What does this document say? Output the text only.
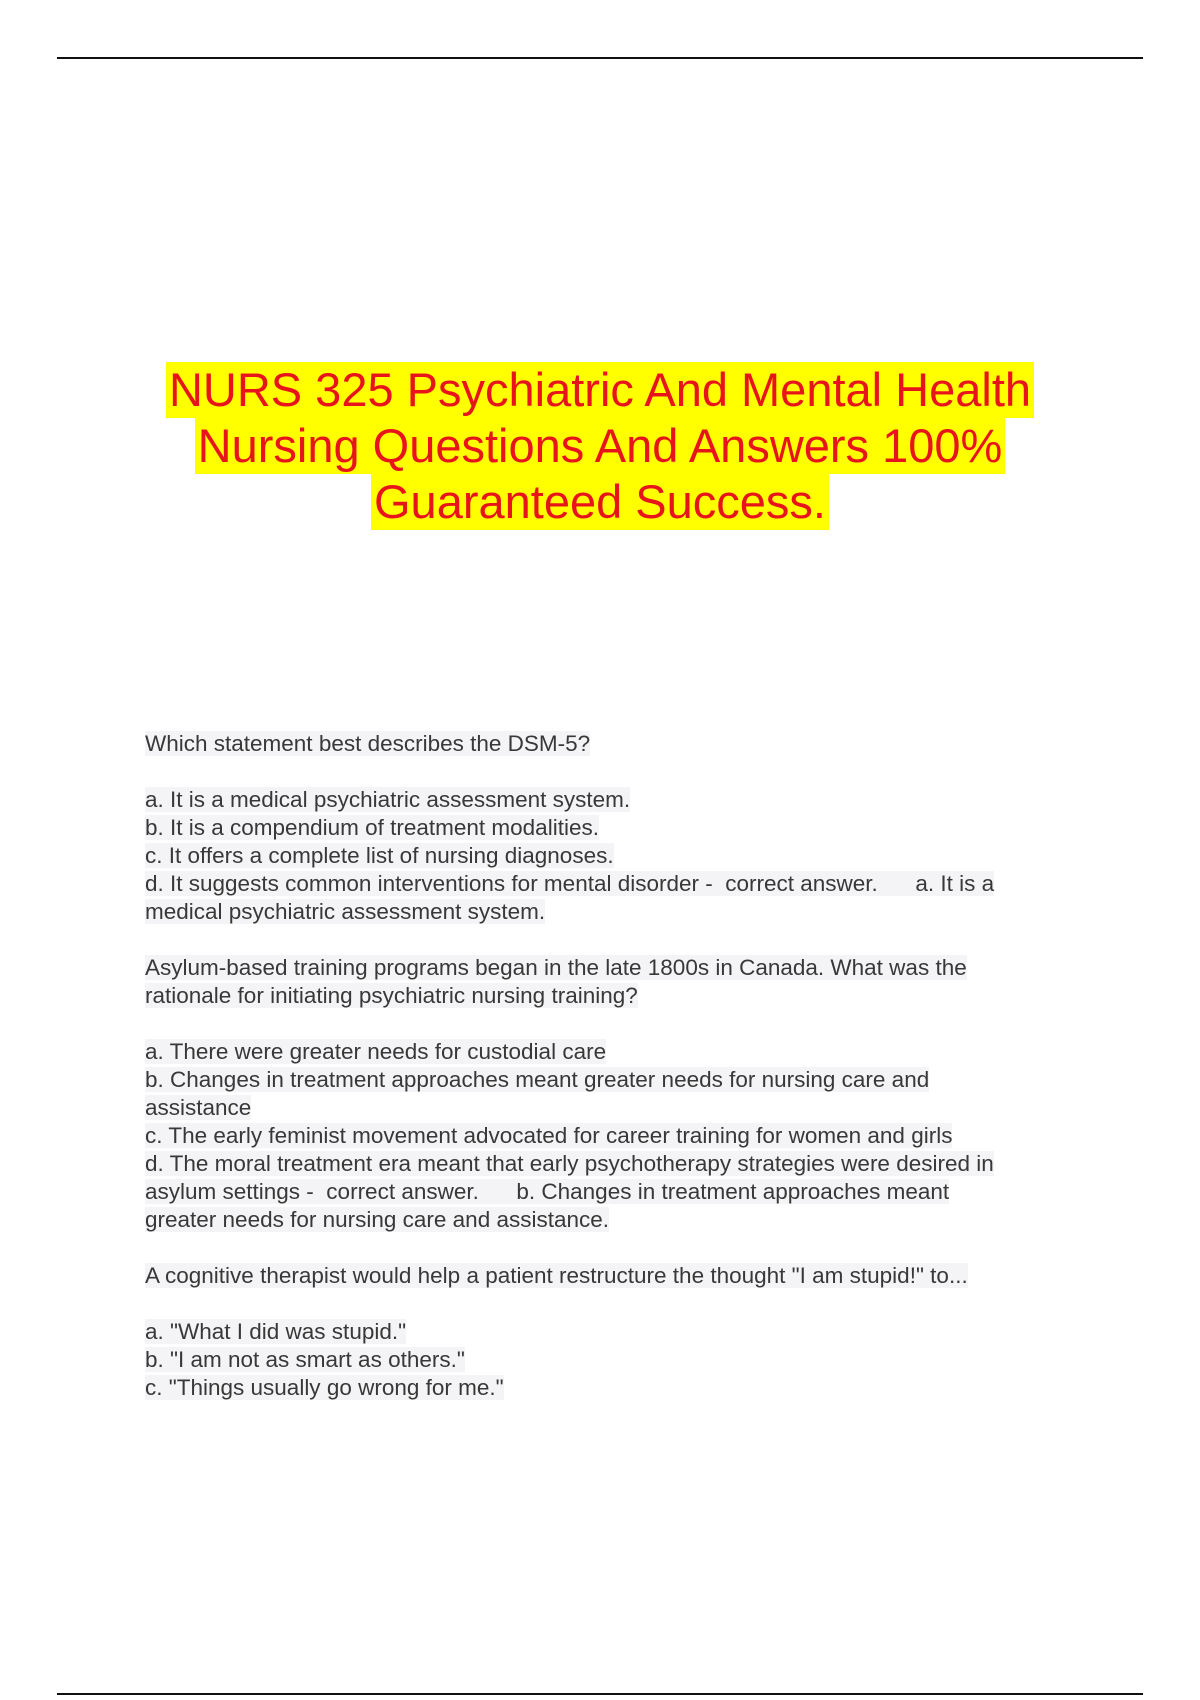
NURS 325 Psychiatric And Mental Health
Nursing Questions And Answers 100%
Guaranteed Success.
Which statement best describes the DSM-5?
a. It is a medical psychiatric assessment system.
b. It is a compendium of treatment modalities.
c. It offers a complete list of nursing diagnoses.
d. It suggests common interventions for mental disorder -  correct answer.      a. It is a
medical psychiatric assessment system.
Asylum-based training programs began in the late 1800s in Canada. What was the
rationale for initiating psychiatric nursing training?
a. There were greater needs for custodial care
b. Changes in treatment approaches meant greater needs for nursing care and
assistance
c. The early feminist movement advocated for career training for women and girls
d. The moral treatment era meant that early psychotherapy strategies were desired in
asylum settings -  correct answer.      b. Changes in treatment approaches meant
greater needs for nursing care and assistance.
A cognitive therapist would help a patient restructure the thought "I am stupid!" to...
a. "What I did was stupid."
b. "I am not as smart as others."
c. "Things usually go wrong for me."
